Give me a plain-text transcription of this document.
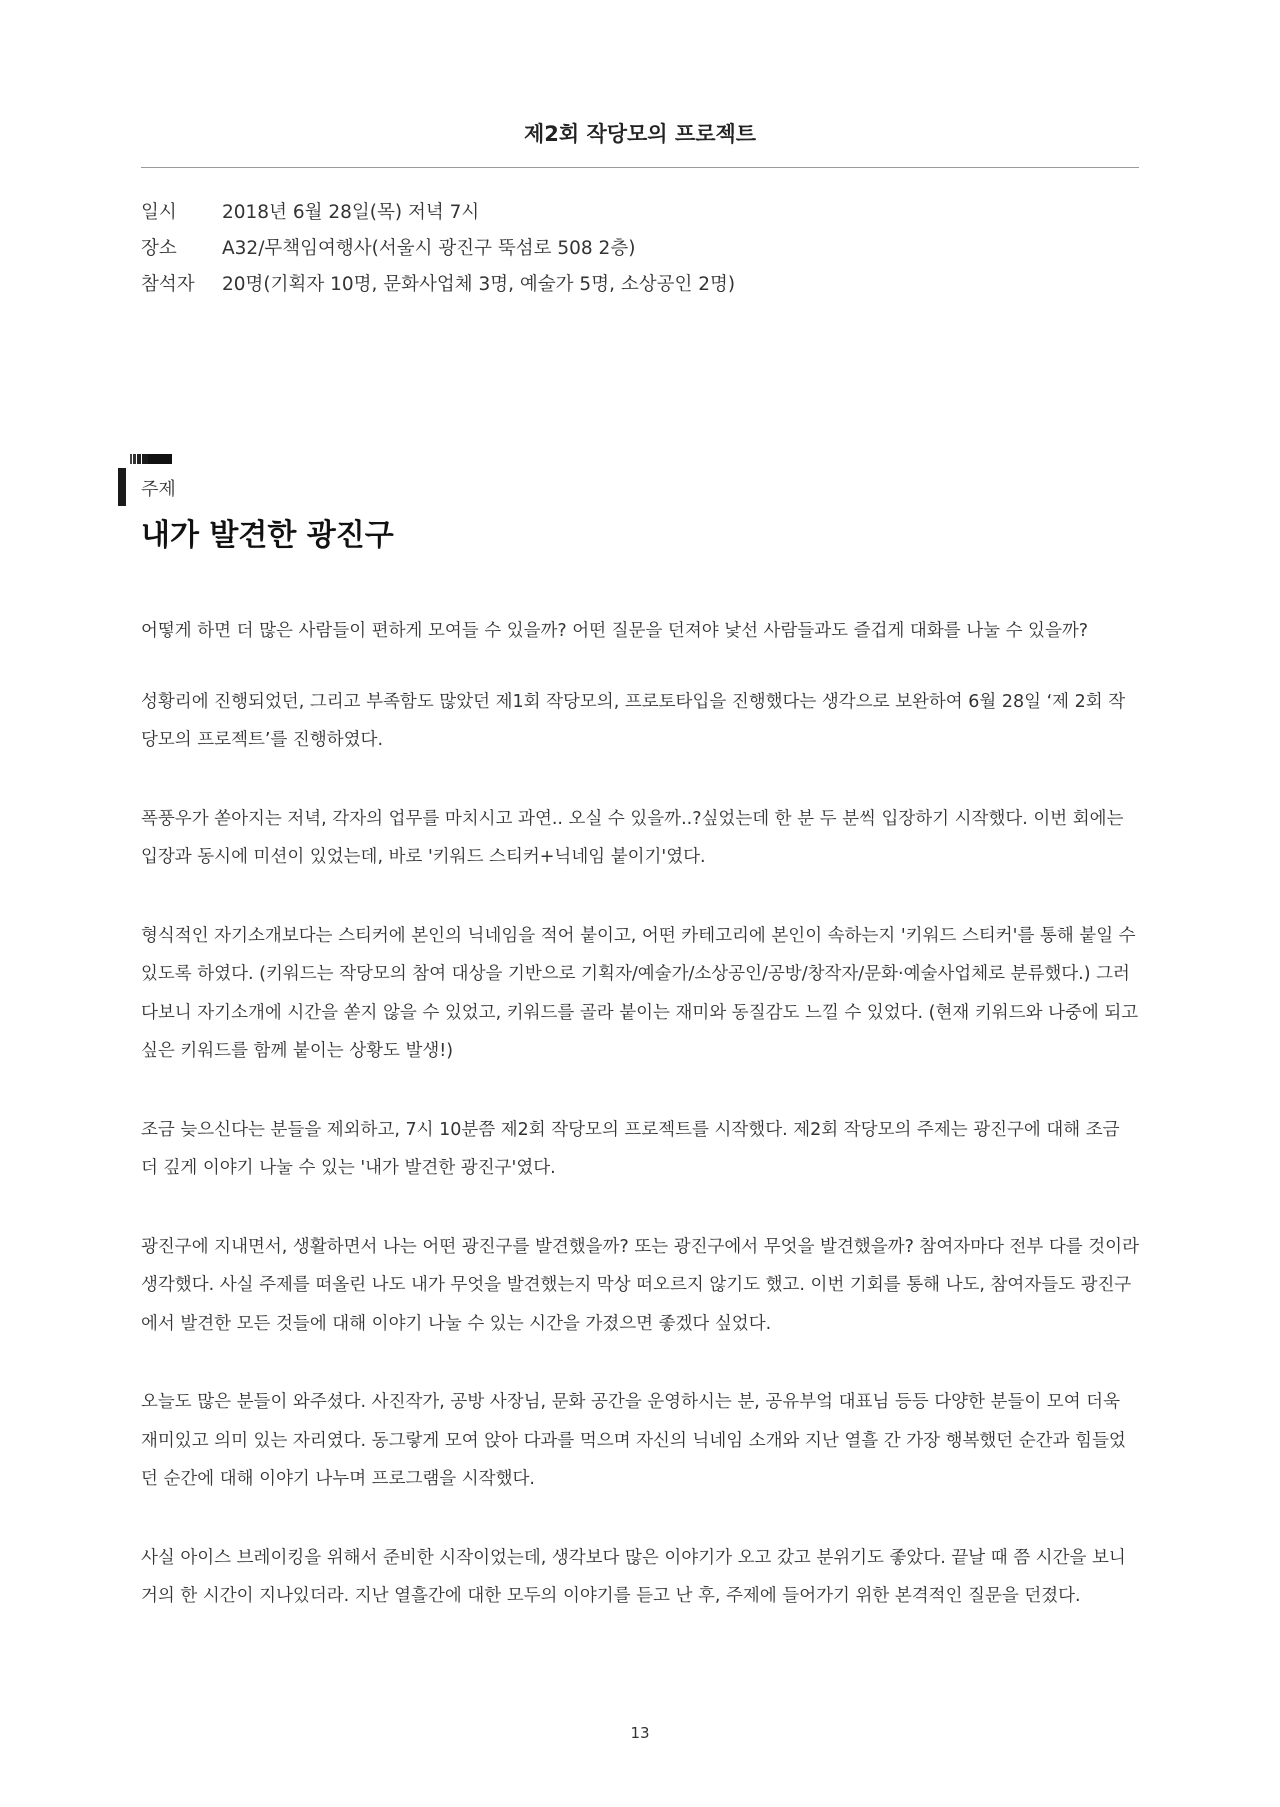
제2회 작당모의 프로젝트
일시	2018년 6월 28일(목) 저녁 7시
장소	A32/무책임여행사(서울시 광진구 뚝섬로 508 2층)
참석자	20명(기획자 10명, 문화사업체 3명, 예술가 5명, 소상공인 2명)
주제
내가 발견한 광진구

어떻게 하면 더 많은 사람들이 편하게 모여들 수 있을까? 어떤 질문을 던져야 낯선 사람들과도 즐겁게 대화를 나눌 수 있을까?

성황리에 진행되었던, 그리고 부족함도 많았던 제1회 작당모의, 프로토타입을 진행했다는 생각으로 보완하여 6월 28일 ‘제 2회 작당모의 프로젝트’를 진행하였다.

폭풍우가 쏟아지는 저녁, 각자의 업무를 마치시고 과연.. 오실 수 있을까..?싶었는데 한 분 두 분씩 입장하기 시작했다. 이번 회에는 입장과 동시에 미션이 있었는데, 바로 '키워드 스티커+닉네임 붙이기'였다.

형식적인 자기소개보다는 스티커에 본인의 닉네임을 적어 붙이고, 어떤 카테고리에 본인이 속하는지 '키워드 스티커'를 통해 붙일 수 있도록 하였다. (키워드는 작당모의 참여 대상을 기반으로 기획자/예술가/소상공인/공방/창작자/문화·예술사업체로 분류했다.) 그러다보니 자기소개에 시간을 쏟지 않을 수 있었고, 키워드를 골라 붙이는 재미와 동질감도 느낄 수 있었다. (현재 키워드와 나중에 되고 싶은 키워드를 함께 붙이는 상황도 발생!)

조금 늦으신다는 분들을 제외하고, 7시 10분쯤 제2회 작당모의 프로젝트를 시작했다. 제2회 작당모의 주제는 광진구에 대해 조금 더 깊게 이야기 나눌 수 있는 '내가 발견한 광진구'였다.

광진구에 지내면서, 생활하면서 나는 어떤 광진구를 발견했을까? 또는 광진구에서 무엇을 발견했을까? 참여자마다 전부 다를 것이라 생각했다. 사실 주제를 떠올린 나도 내가 무엇을 발견했는지 막상 떠오르지 않기도 했고. 이번 기회를 통해 나도, 참여자들도 광진구에서 발견한 모든 것들에 대해 이야기 나눌 수 있는 시간을 가졌으면 좋겠다 싶었다.

오늘도 많은 분들이 와주셨다. 사진작가, 공방 사장님, 문화 공간을 운영하시는 분, 공유부엌 대표님 등등 다양한 분들이 모여 더욱 재미있고 의미 있는 자리였다. 동그랗게 모여 앉아 다과를 먹으며 자신의 닉네임 소개와 지난 열흘 간 가장 행복했던 순간과 힘들었던 순간에 대해 이야기 나누며 프로그램을 시작했다.

사실 아이스 브레이킹을 위해서 준비한 시작이었는데, 생각보다 많은 이야기가 오고 갔고 분위기도 좋았다. 끝날 때 쯤 시간을 보니 거의 한 시간이 지나있더라. 지난 열흘간에 대한 모두의 이야기를 듣고 난 후, 주제에 들어가기 위한 본격적인 질문을 던졌다.

13
